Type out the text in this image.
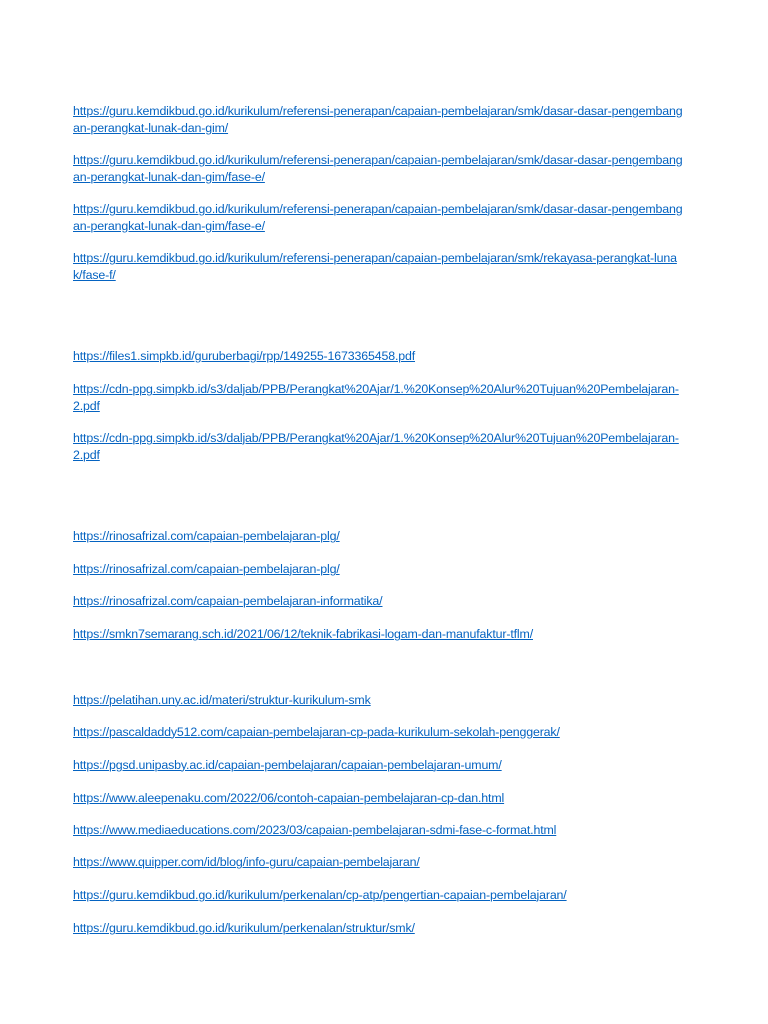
https://guru.kemdikbud.go.id/kurikulum/referensi-penerapan/capaian-pembelajaran/smk/dasar-dasar-pengembangan-perangkat-lunak-dan-gim/
https://guru.kemdikbud.go.id/kurikulum/referensi-penerapan/capaian-pembelajaran/smk/dasar-dasar-pengembangan-perangkat-lunak-dan-gim/fase-e/
https://guru.kemdikbud.go.id/kurikulum/referensi-penerapan/capaian-pembelajaran/smk/dasar-dasar-pengembangan-perangkat-lunak-dan-gim/fase-e/
https://guru.kemdikbud.go.id/kurikulum/referensi-penerapan/capaian-pembelajaran/smk/rekayasa-perangkat-lunak/fase-f/
https://files1.simpkb.id/guruberbagi/rpp/149255-1673365458.pdf
https://cdn-ppg.simpkb.id/s3/daljab/PPB/Perangkat%20Ajar/1.%20Konsep%20Alur%20Tujuan%20Pembelajaran-2.pdf
https://cdn-ppg.simpkb.id/s3/daljab/PPB/Perangkat%20Ajar/1.%20Konsep%20Alur%20Tujuan%20Pembelajaran-2.pdf
https://rinosafrizal.com/capaian-pembelajaran-plg/
https://rinosafrizal.com/capaian-pembelajaran-plg/
https://rinosafrizal.com/capaian-pembelajaran-informatika/
https://smkn7semarang.sch.id/2021/06/12/teknik-fabrikasi-logam-dan-manufaktur-tflm/
https://pelatihan.uny.ac.id/materi/struktur-kurikulum-smk
https://pascaldaddy512.com/capaian-pembelajaran-cp-pada-kurikulum-sekolah-penggerak/
https://pgsd.unipasby.ac.id/capaian-pembelajaran/capaian-pembelajaran-umum/
https://www.aleepenaku.com/2022/06/contoh-capaian-pembelajaran-cp-dan.html
https://www.mediaeducations.com/2023/03/capaian-pembelajaran-sdmi-fase-c-format.html
https://www.quipper.com/id/blog/info-guru/capaian-pembelajaran/
https://guru.kemdikbud.go.id/kurikulum/perkenalan/cp-atp/pengertian-capaian-pembelajaran/
https://guru.kemdikbud.go.id/kurikulum/perkenalan/struktur/smk/
